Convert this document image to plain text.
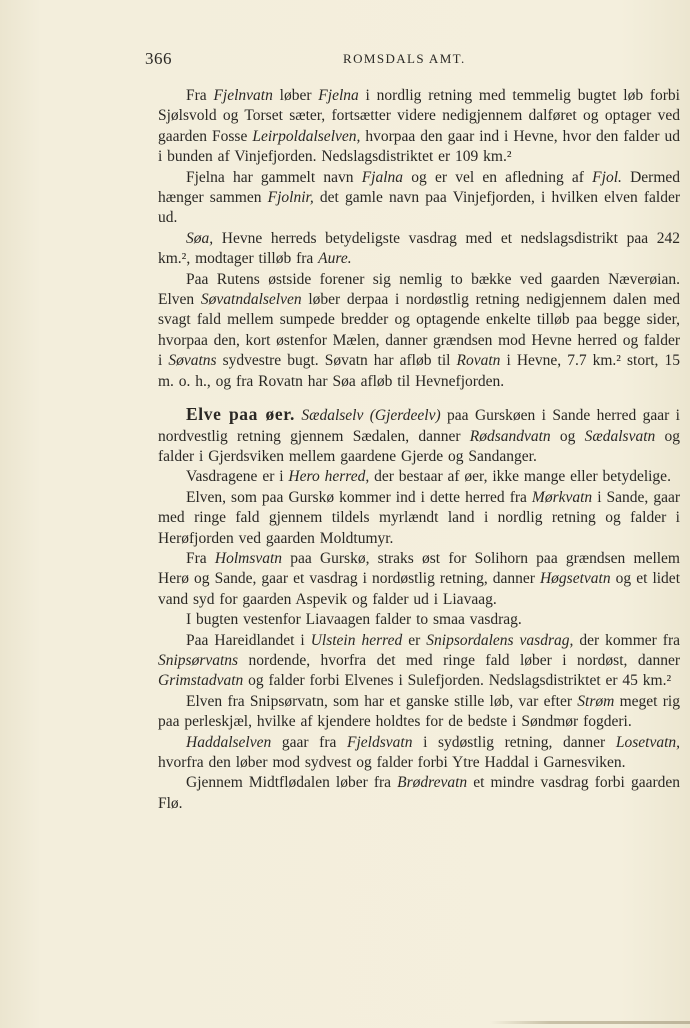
366	ROMSDALS AMT.

Fra Fjelnvatn løber Fjelna i nordlig retning med temmelig bugtet løb forbi Sjølsvold og Torset sæter, fortsætter videre nedigjennem dalføret og optager ved gaarden Fosse Leirpoldalselven, hvorpaa den gaar ind i Hevne, hvor den falder ud i bunden af Vinjefjorden. Nedslagsdistriktet er 109 km.²

Fjelna har gammelt navn Fjalna og er vel en afledning af Fjol. Dermed hænger sammen Fjolnir, det gamle navn paa Vinjefjorden, i hvilken elven falder ud.

Søa, Hevne herreds betydeligste vasdrag med et nedslagsdistrikt paa 242 km.², modtager tilløb fra Aure.

Paa Rutens østside forener sig nemlig to bække ved gaarden Næverøian. Elven Søvatndalselven løber derpaa i nordøstlig retning nedigjennem dalen med svagt fald mellem sumpede bredder og optagende enkelte tilløb paa begge sider, hvorpaa den, kort østenfor Mælen, danner grændsen mod Hevne herred og falder i Søvatns sydvestre bugt. Søvatn har afløb til Rovatn i Hevne, 7.7 km.² stort, 15 m. o. h., og fra Rovatn har Søa afløb til Hevnefjorden.

Elve paa øer. Sædalselv (Gjerdeelv) paa Gurskøen i Sande herred gaar i nordvestlig retning gjennem Sædalen, danner Rødsandvatn og Sædalsvatn og falder i Gjerdsviken mellem gaardene Gjerde og Sandanger.

Vasdragene er i Hero herred, der bestaar af øer, ikke mange eller betydelige.

Elven, som paa Gurskø kommer ind i dette herred fra Mørkvatn i Sande, gaar med ringe fald gjennem tildels myrlændt land i nordlig retning og falder i Herøfjorden ved gaarden Moldtumyr.

Fra Holmsvatn paa Gurskø, straks øst for Solihorn paa grændsen mellem Herø og Sande, gaar et vasdrag i nordøstlig retning, danner Høgsetvatn og et lidet vand syd for gaarden Aspevik og falder ud i Liavaag.

I bugten vestenfor Liavaagen falder to smaa vasdrag.

Paa Hareidlandet i Ulstein herred er Snipsordalens vasdrag, der kommer fra Snipsørvatns nordende, hvorfra det med ringe fald løber i nordøst, danner Grimstadvatn og falder forbi Elvenes i Sulefjorden. Nedslagsdistriktet er 45 km.²

Elven fra Snipsørvatn, som har et ganske stille løb, var efter Strøm meget rig paa perleskjæl, hvilke af kjendere holdtes for de bedste i Søndmør fogderi.

Haddalselven gaar fra Fjeldsvatn i sydøstlig retning, danner Losetvatn, hvorfra den løber mod sydvest og falder forbi Ytre Haddal i Garnesviken.

Gjennem Midtflødalen løber fra Brødrevatn et mindre vasdrag forbi gaarden Flø.
